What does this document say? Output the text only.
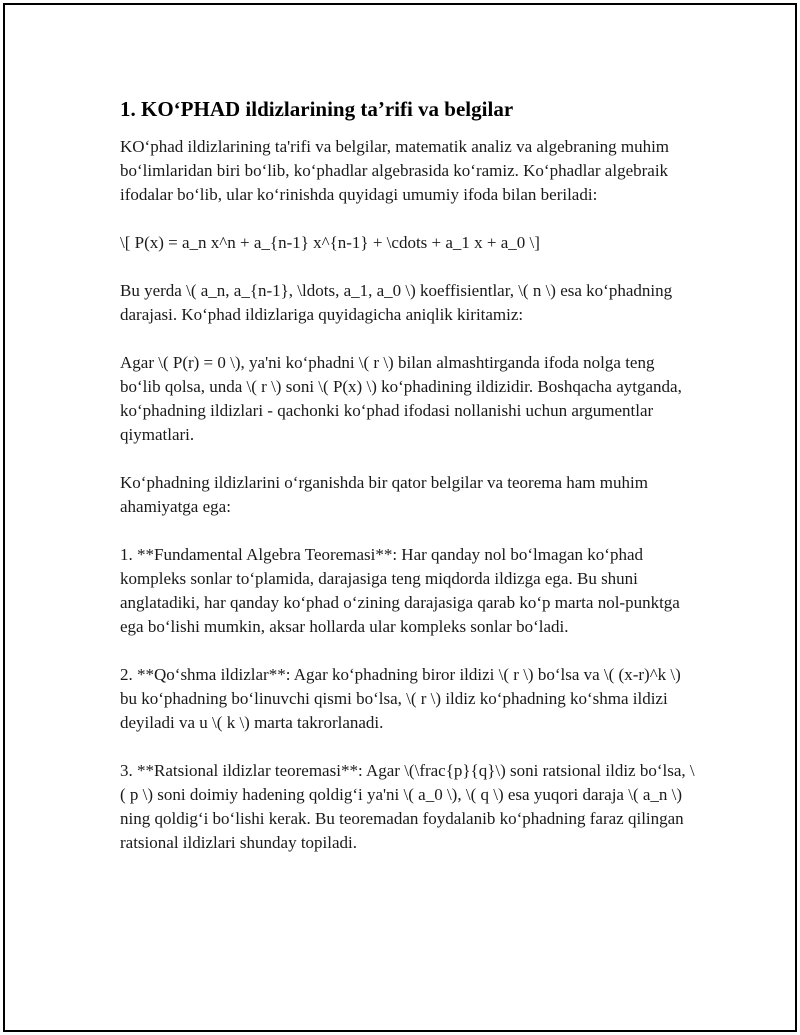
1. KO‘PHAD ildizlarining ta’rifi va belgilar

KO‘phad ildizlarining ta'rifi va belgilar, matematik analiz va algebraning muhim bo‘limlaridan biri bo‘lib, ko‘phadlar algebrasida ko‘ramiz. Ko‘phadlar algebraik ifodalar bo‘lib, ular ko‘rinishda quyidagi umumiy ifoda bilan beriladi:

\[ P(x) = a_n x^n + a_{n-1} x^{n-1} + \cdots + a_1 x + a_0 \]

Bu yerda \( a_n, a_{n-1}, \ldots, a_1, a_0 \) koeffisientlar, \( n \) esa ko‘phadning darajasi. Ko‘phad ildizlariga quyidagicha aniqlik kiritamiz:

Agar \( P(r) = 0 \), ya'ni ko‘phadni \( r \) bilan almashtirganda ifoda nolga teng bo‘lib qolsa, unda \( r \) soni \( P(x) \) ko‘phadining ildizidir. Boshqacha aytganda, ko‘phadning ildizlari - qachonki ko‘phad ifodasi nollanishi uchun argumentlar qiymatlari.

Ko‘phadning ildizlarini o‘rganishda bir qator belgilar va teorema ham muhim ahamiyatga ega:

1. **Fundamental Algebra Teoremasi**: Har qanday nol bo‘lmagan ko‘phad kompleks sonlar to‘plamida, darajasiga teng miqdorda ildizga ega. Bu shuni anglatadiki, har qanday ko‘phad o‘zining darajasiga qarab ko‘p marta nol-punktga ega bo‘lishi mumkin, aksar hollarda ular kompleks sonlar bo‘ladi.

2. **Qo‘shma ildizlar**: Agar ko‘phadning biror ildizi \( r \) bo‘lsa va \( (x-r)^k \) bu ko‘phadning bo‘linuvchi qismi bo‘lsa, \( r \) ildiz ko‘phadning ko‘shma ildizi deyiladi va u \( k \) marta takrorlanadi.

3. **Ratsional ildizlar teoremasi**: Agar \(\frac{p}{q}\) soni ratsional ildiz bo‘lsa, \( p \) soni doimiy hadening qoldig‘i ya'ni \( a_0 \), \( q \) esa yuqori daraja \( a_n \) ning qoldig‘i bo‘lishi kerak. Bu teoremadan foydalanib ko‘phadning faraz qilingan ratsional ildizlari shunday topiladi.
